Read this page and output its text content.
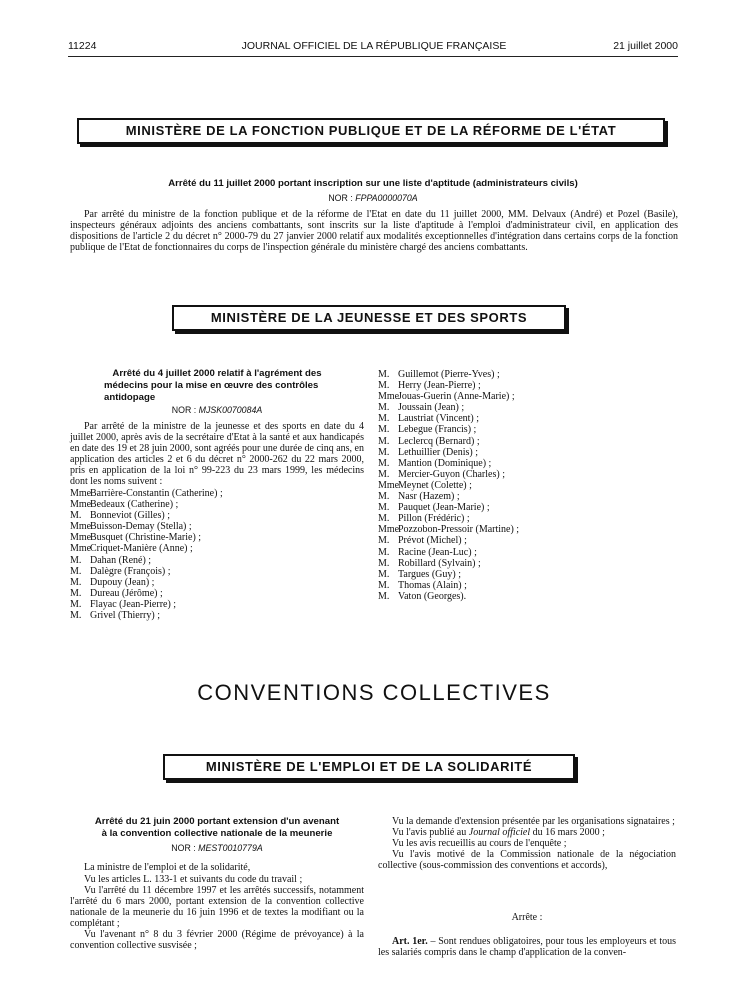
11224	JOURNAL OFFICIEL DE LA RÉPUBLIQUE FRANÇAISE	21 juillet 2000
MINISTÈRE DE LA FONCTION PUBLIQUE ET DE LA RÉFORME DE L'ÉTAT
Arrêté du 11 juillet 2000 portant inscription sur une liste d'aptitude (administrateurs civils)
NOR : FPPA0000070A

Par arrêté du ministre de la fonction publique et de la réforme de l'Etat en date du 11 juillet 2000, MM. Delvaux (André) et Pozel (Basile), inspecteurs généraux adjoints des anciens combattants, sont inscrits sur la liste d'aptitude à l'emploi d'administrateur civil, en application des dispositions de l'article 2 du décret n° 2000-79 du 27 janvier 2000 relatif aux modalités exceptionnelles d'intégration dans certains corps de la fonction publique de l'Etat de fonctionnaires du corps de l'inspection générale du ministère chargé des anciens combattants.

MINISTÈRE DE LA JEUNESSE ET DES SPORTS
Arrêté du 4 juillet 2000 relatif à l'agrément des
médecins pour la mise en œuvre des contrôles
antidopage
NOR : MJSK0070084A

Par arrêté de la ministre de la jeunesse et des sports en date du 4 juillet 2000, après avis de la secrétaire d'Etat à la santé et aux handicapés en date des 19 et 28 juin 2000, sont agréés pour une durée de cinq ans, en application des articles 2 et 6 du décret n° 2000-262 du 22 mars 2000, pris en application de la loi n° 99-223 du 23 mars 1999, les médecins dont les noms suivent :

MmeBarrière-Constantin (Catherine) ;
MmeBedeaux (Catherine) ;
M. Bonneviot (Gilles) ;
MmeBuisson-Demay (Stella) ;
MmeBusquet (Christine-Marie) ;
MmeCriquet-Manière (Anne) ;
M. Dahan (René) ;
M. Dalègre (François) ;
M. Dupouy (Jean) ;
M. Dureau (Jérôme) ;
M. Flayac (Jean-Pierre) ;
M. Grivel (Thierry) ;
M. Guillemot (Pierre-Yves) ;
M. Herry (Jean-Pierre) ;
MmeJouas-Guerin (Anne-Marie) ;
M. Joussain (Jean) ;
M. Laustriat (Vincent) ;
M. Lebegue (Francis) ;
M. Leclercq (Bernard) ;
M. Lethuillier (Denis) ;
M. Mantion (Dominique) ;
M. Mercier-Guyon (Charles) ;
MmeMeynet (Colette) ;
M. Nasr (Hazem) ;
M. Pauquet (Jean-Marie) ;
M. Pillon (Frédéric) ;
MmePozzobon-Pressoir (Martine) ;
M. Prévot (Michel) ;
M. Racine (Jean-Luc) ;
M. Robillard (Sylvain) ;
M. Targues (Guy) ;
M. Thomas (Alain) ;
M. Vaton (Georges).
CONVENTIONS COLLECTIVES
MINISTÈRE DE L'EMPLOI ET DE LA SOLIDARITÉ
Arrêté du 21 juin 2000 portant extension d'un avenant
à la convention collective nationale de la meunerie
NOR : MEST0010779A

La ministre de l'emploi et de la solidarité,

Vu les articles L. 133-1 et suivants du code du travail ;

Vu l'arrêté du 11 décembre 1997 et les arrêtés successifs, notamment l'arrêté du 6 mars 2000, portant extension de la convention collective nationale de la meunerie du 16 juin 1996 et de textes la modifiant ou la complétant ;

Vu l'avenant n° 8 du 3 février 2000 (Régime de prévoyance) à la convention collective susvisée ;

Vu la demande d'extension présentée par les organisations signataires ;

Vu l'avis publié au Journal officiel du 16 mars 2000 ;

Vu les avis recueillis au cours de l'enquête ;

Vu l'avis motivé de la Commission nationale de la négociation collective (sous-commission des conventions et accords),

Arrête :

Art. 1er. – Sont rendues obligatoires, pour tous les employeurs et tous les salariés compris dans le champ d'application de la conven-
